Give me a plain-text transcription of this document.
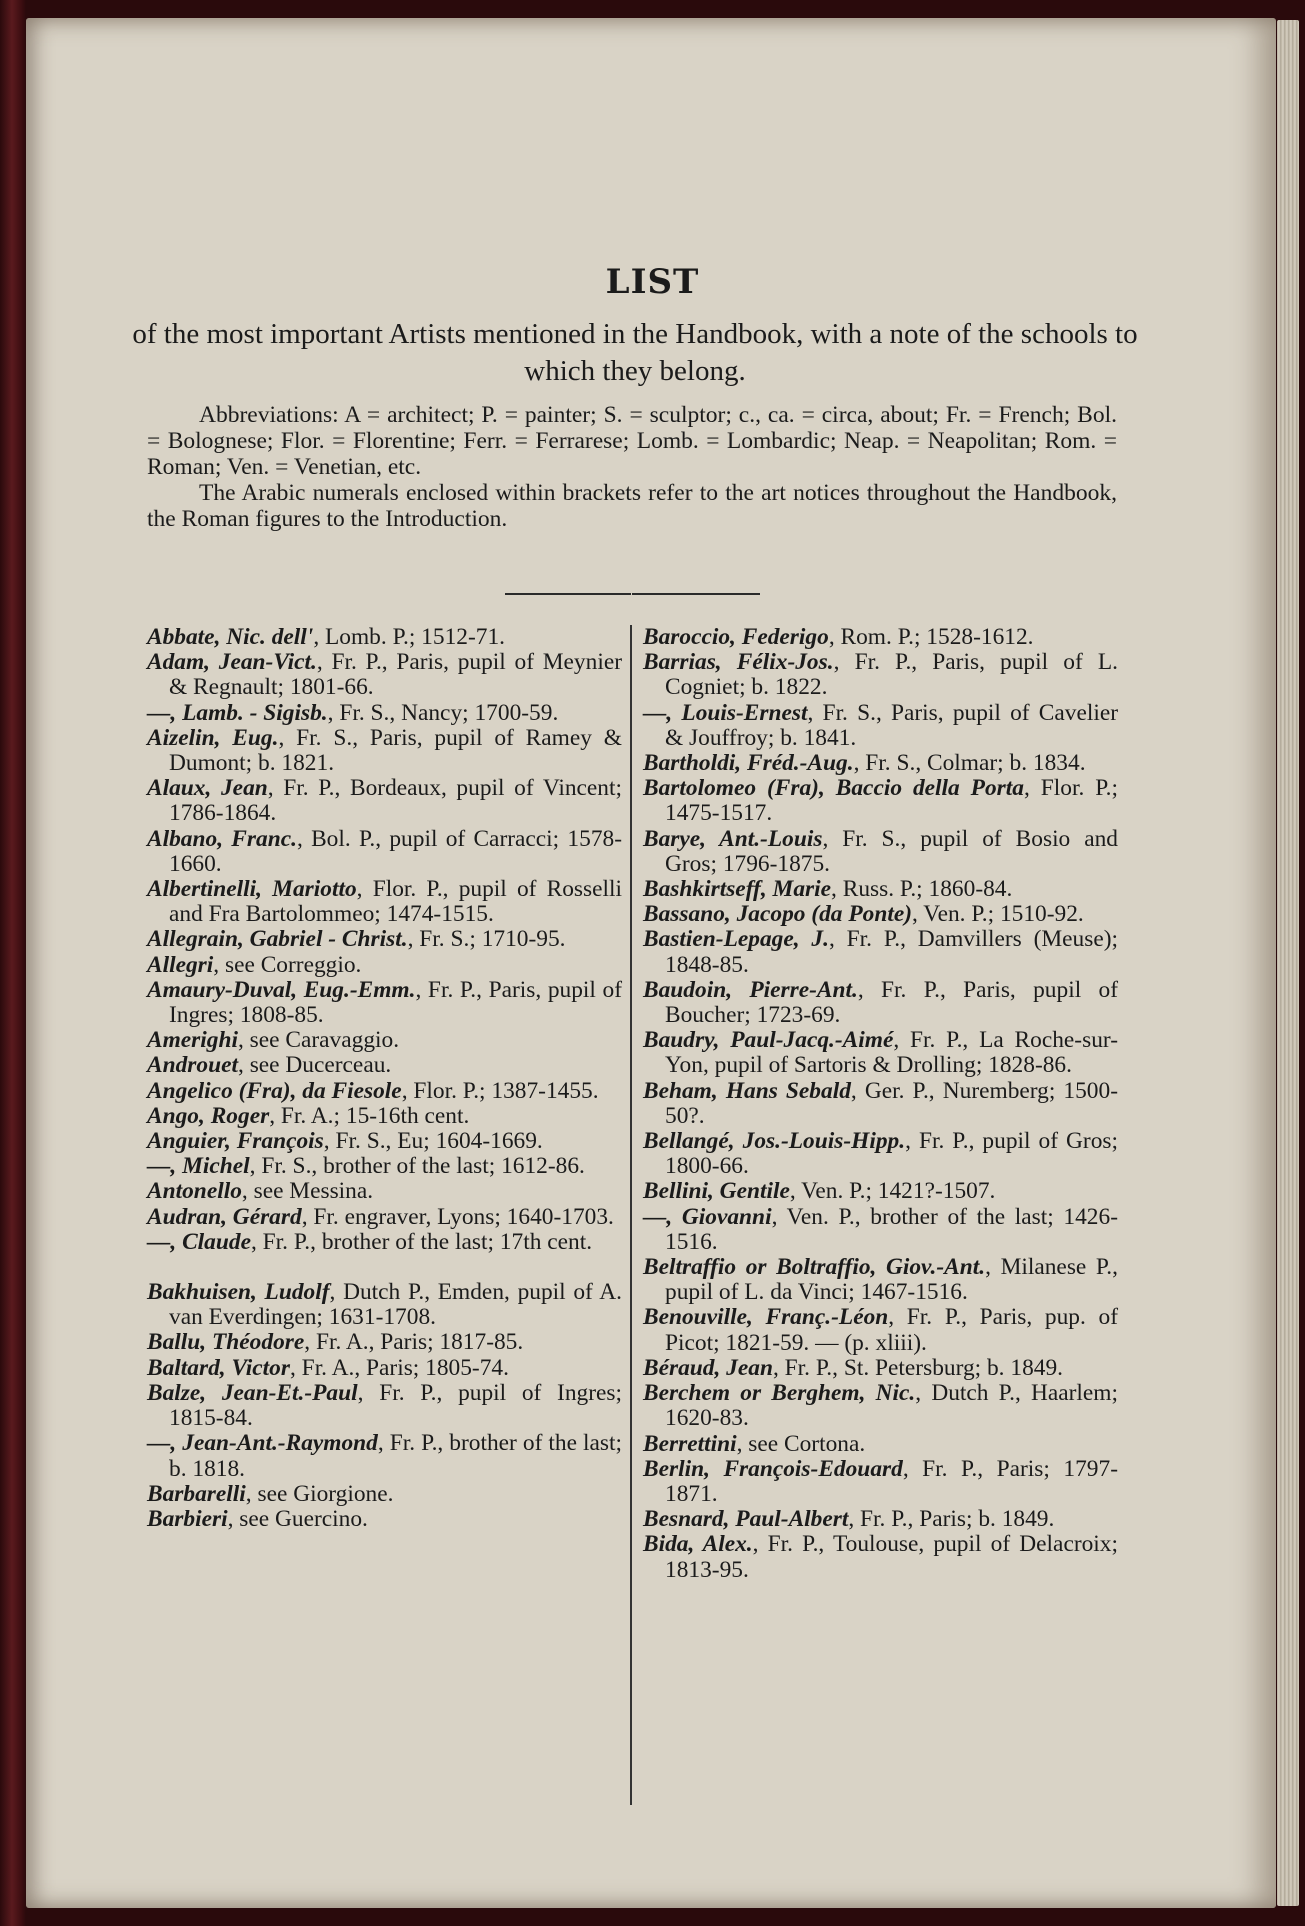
LIST
of the most important Artists mentioned in the Handbook, with a note of the schools to which they belong.

Abbreviations: A = architect; P. = painter; S. = sculptor; c., ca. = circa, about; Fr. = French; Bol. = Bolognese; Flor. = Florentine; Ferr. = Ferrarese; Lomb. = Lombardic; Neap. = Neapolitan; Rom. = Roman; Ven. = Venetian, etc.

The Arabic numerals enclosed within brackets refer to the art notices throughout the Handbook, the Roman figures to the Introduction.

Abbate, Nic. dell', Lomb. P.; 1512-71.
Adam, Jean-Vict., Fr. P., Paris, pupil of Meynier & Regnault; 1801-66.
—, Lamb. - Sigisb., Fr. S., Nancy; 1700-59.
Aizelin, Eug., Fr. S., Paris, pupil of Ramey & Dumont; b. 1821.
Alaux, Jean, Fr. P., Bordeaux, pupil of Vincent; 1786-1864.
Albano, Franc., Bol. P., pupil of Carracci; 1578-1660.
Albertinelli, Mariotto, Flor. P., pupil of Rosselli and Fra Bartolommeo; 1474-1515.
Allegrain, Gabriel - Christ., Fr. S.; 1710-95.
Allegri, see Correggio.
Amaury-Duval, Eug.-Emm., Fr. P., Paris, pupil of Ingres; 1808-85.
Amerighi, see Caravaggio.
Androuet, see Ducerceau.
Angelico (Fra), da Fiesole, Flor. P.; 1387-1455.
Ango, Roger, Fr. A.; 15-16th cent.
Anguier, François, Fr. S., Eu; 1604-1669.
—, Michel, Fr. S., brother of the last; 1612-86.
Antonello, see Messina.
Audran, Gérard, Fr. engraver, Lyons; 1640-1703.
—, Claude, Fr. P., brother of the last; 17th cent.
Bakhuisen, Ludolf, Dutch P., Emden, pupil of A. van Everdingen; 1631-1708.
Ballu, Théodore, Fr. A., Paris; 1817-85.
Baltard, Victor, Fr. A., Paris; 1805-74.
Balze, Jean-Et.-Paul, Fr. P., pupil of Ingres; 1815-84.
—, Jean-Ant.-Raymond, Fr. P., brother of the last; b. 1818.
Barbarelli, see Giorgione.
Barbieri, see Guercino.
Baroccio, Federigo, Rom. P.; 1528-1612.
Barrias, Félix-Jos., Fr. P., Paris, pupil of L. Cogniet; b. 1822.
—, Louis-Ernest, Fr. S., Paris, pupil of Cavelier & Jouffroy; b. 1841.
Bartholdi, Fréd.-Aug., Fr. S., Colmar; b. 1834.
Bartolomeo (Fra), Baccio della Porta, Flor. P.; 1475-1517.
Barye, Ant.-Louis, Fr. S., pupil of Bosio and Gros; 1796-1875.
Bashkirtseff, Marie, Russ. P.; 1860-84.
Bassano, Jacopo (da Ponte), Ven. P.; 1510-92.
Bastien-Lepage, J., Fr. P., Damvillers (Meuse); 1848-85.
Baudoin, Pierre-Ant., Fr. P., Paris, pupil of Boucher; 1723-69.
Baudry, Paul-Jacq.-Aimé, Fr. P., La Roche-sur-Yon, pupil of Sartoris & Drolling; 1828-86.
Beham, Hans Sebald, Ger. P., Nuremberg; 1500-50?.
Bellangé, Jos.-Louis-Hipp., Fr. P., pupil of Gros; 1800-66.
Bellini, Gentile, Ven. P.; 1421?-1507.
—, Giovanni, Ven. P., brother of the last; 1426-1516.
Beltraffio or Boltraffio, Giov.-Ant., Milanese P., pupil of L. da Vinci; 1467-1516.
Benouville, Franç.-Léon, Fr. P., Paris, pup. of Picot; 1821-59. — (p. xliii).
Béraud, Jean, Fr. P., St. Petersburg; b. 1849.
Berchem or Berghem, Nic., Dutch P., Haarlem; 1620-83.
Berrettini, see Cortona.
Berlin, François-Edouard, Fr. P., Paris; 1797-1871.
Besnard, Paul-Albert, Fr. P., Paris; b. 1849.
Bida, Alex., Fr. P., Toulouse, pupil of Delacroix; 1813-95.
